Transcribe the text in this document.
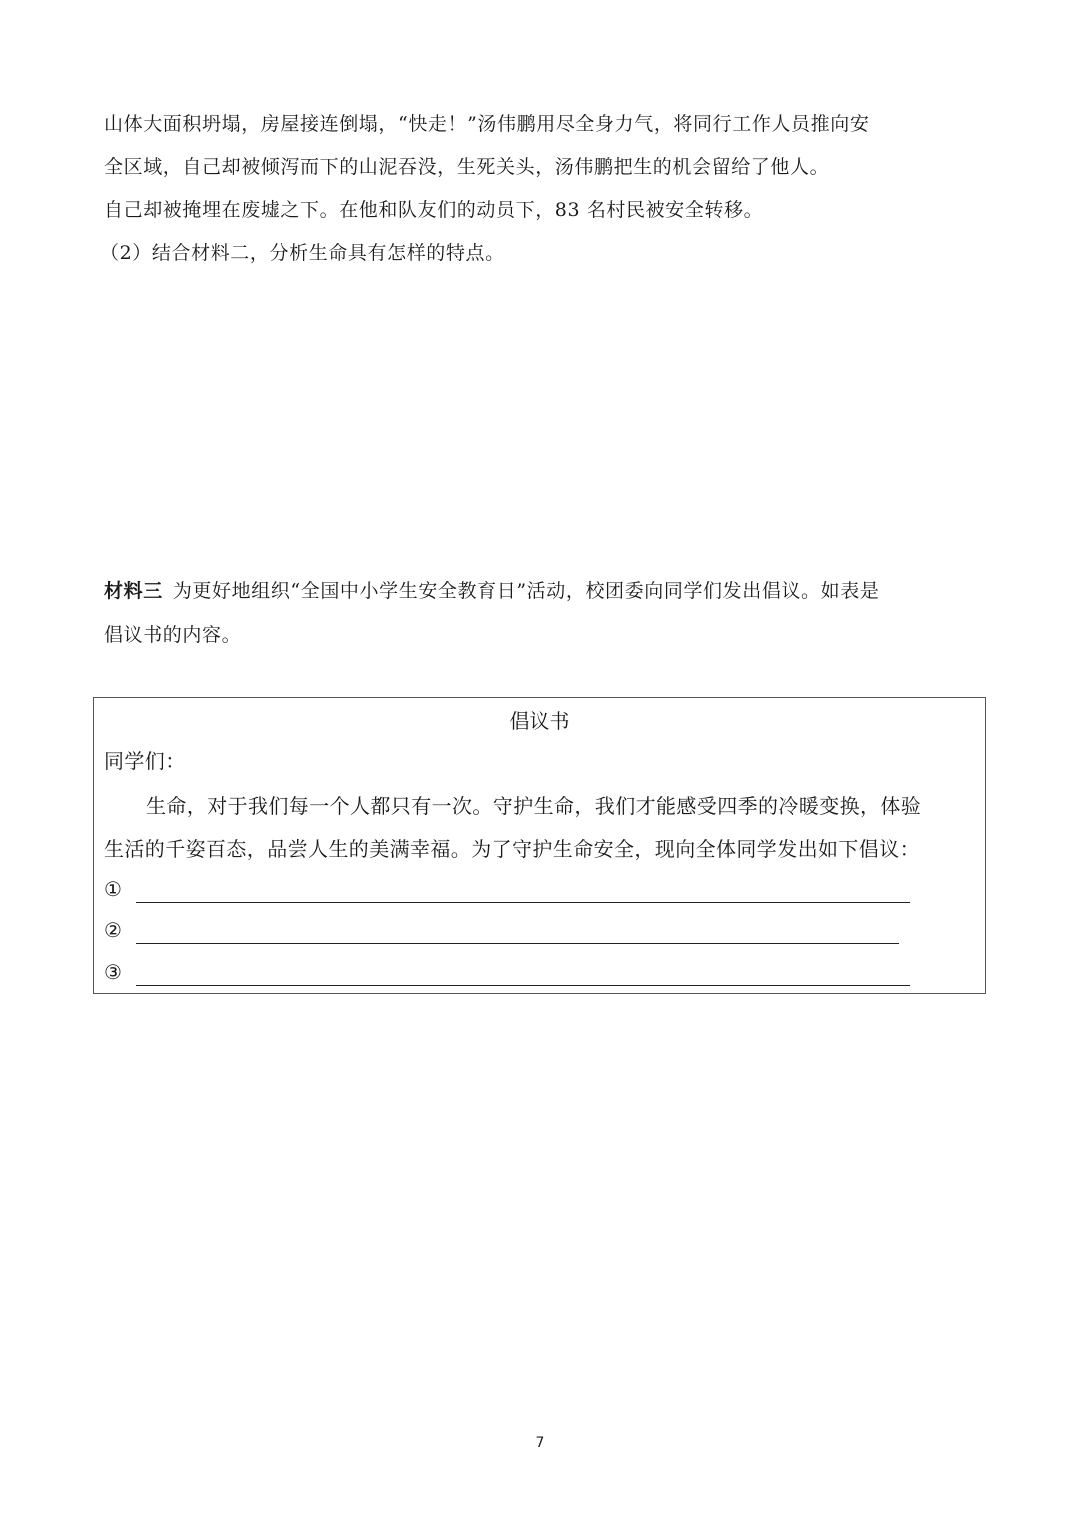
山体大面积坍塌，房屋接连倒塌，“快走！”汤伟鹏用尽全身力气，将同行工作人员推向安
全区域，自己却被倾泻而下的山泥吞没，生死关头，汤伟鹏把生的机会留给了他人。
自己却被掩埋在废墟之下。在他和队友们的动员下，83 名村民被安全转移。
（2）结合材料二，分析生命具有怎样的特点。
材料三 为更好地组织“全国中小学生安全教育日”活动，校团委向同学们发出倡议。如表是
倡议书的内容。
倡议书
同学们：
生命，对于我们每一个人都只有一次。守护生命，我们才能感受四季的冷暖变换，体验
生活的千姿百态，品尝人生的美满幸福。为了守护生命安全，现向全体同学发出如下倡议：
①
②
③
7
